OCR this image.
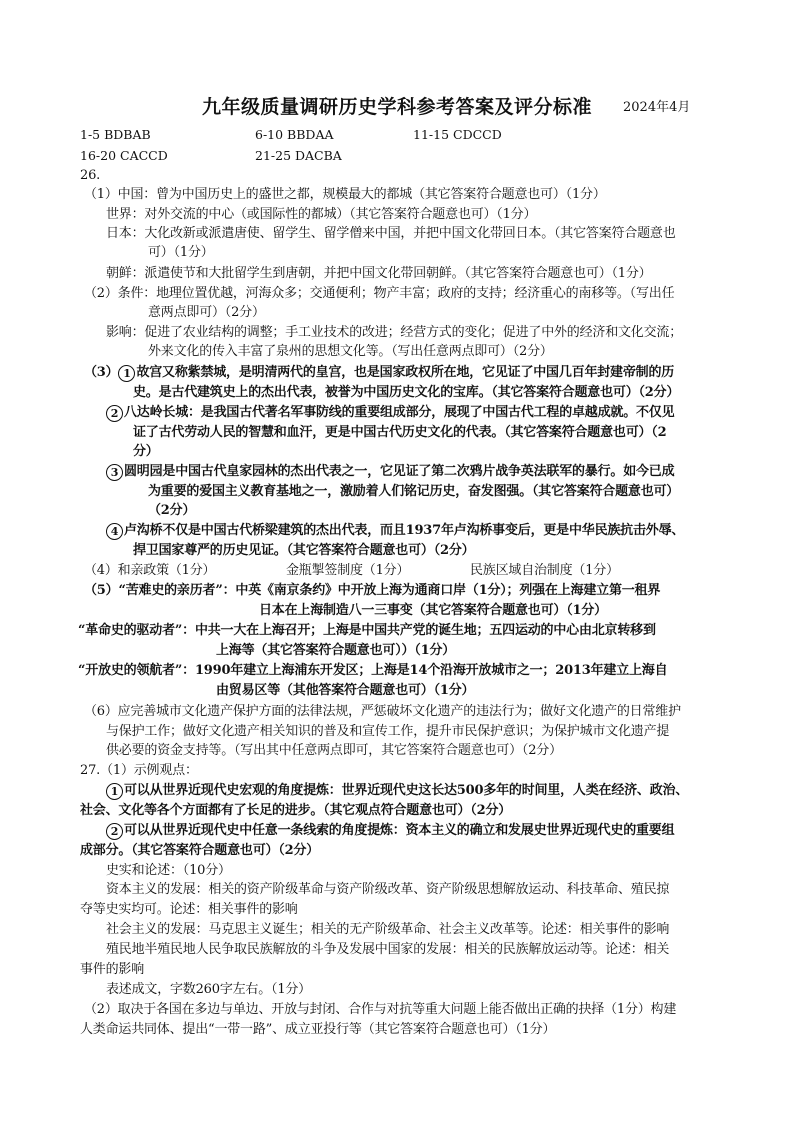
九年级质量调研历史学科参考答案及评分标准	2024年4月
1-5 BDBAB	6-10 BBDAA	11-15 CDCCD
16-20 CACCD	21-25 DACBA
26.
（1）中国：曾为中国历史上的盛世之都，规模最大的都城（其它答案符合题意也可）（1分）
世界：对外交流的中心（或国际性的都城）（其它答案符合题意也可）（1分）
日本：大化改新或派遣唐使、留学生、留学僧来中国，并把中国文化带回日本。（其它答案符合题意也
可）（1分）
朝鲜：派遣使节和大批留学生到唐朝，并把中国文化带回朝鲜。（其它答案符合题意也可）（1分）
（2）条件：地理位置优越，河海众多；交通便利；物产丰富；政府的支持；经济重心的南移等。（写出任
意两点即可）（2分）
影响：促进了农业结构的调整；手工业技术的改进；经营方式的变化；促进了中外的经济和文化交流；
外来文化的传入丰富了泉州的思想文化等。（写出任意两点即可）（2分）
（3） 1 故宫又称紫禁城，是明清两代的皇宫，也是国家政权所在地，它见证了中国几百年封建帝制的历
史。是古代建筑史上的杰出代表，被誉为中国历史文化的宝库。（其它答案符合题意也可）（2分）
2 八达岭长城：是我国古代著名军事防线的重要组成部分，展现了中国古代工程的卓越成就。不仅见
证了古代劳动人民的智慧和血汗，更是中国古代历史文化的代表。（其它答案符合题意也可）（2
分）
3 圆明园是中国古代皇家园林的杰出代表之一，它见证了第二次鸦片战争英法联军的暴行。如今已成
为重要的爱国主义教育基地之一，激励着人们铭记历史，奋发图强。（其它答案符合题意也可）
（2分）
4 卢沟桥不仅是中国古代桥梁建筑的杰出代表，而且1937年卢沟桥事变后，更是中华民族抗击外辱、
捍卫国家尊严的历史见证。（其它答案符合题意也可）（2分）
（4）和亲政策（1分）	金瓶掣签制度（1分）	民族区域自治制度（1分）
（5）“苦难史的亲历者”：中英《南京条约》中开放上海为通商口岸（1分）；列强在上海建立第一租界
日本在上海制造八一三事变（其它答案符合题意也可）（1分）
“革命史的驱动者”：中共一大在上海召开；上海是中国共产党的诞生地；五四运动的中心由北京转移到
上海等（其它答案符合题意也可））（1分）
“开放史的领航者”：1990年建立上海浦东开发区；上海是14个沿海开放城市之一；2013年建立上海自
由贸易区等（其他答案符合题意也可）（1分）
（6）应完善城市文化遗产保护方面的法律法规，严惩破坏文化遗产的违法行为；做好文化遗产的日常维护
与保护工作；做好文化遗产相关知识的普及和宣传工作，提升市民保护意识；为保护城市文化遗产提
供必要的资金支持等。（写出其中任意两点即可，其它答案符合题意也可）（2分）
27.（1）示例观点：
1 可以从世界近现代史宏观的角度提炼：世界近现代史这长达500多年的时间里，人类在经济、政治、
社会、文化等各个方面都有了长足的进步。（其它观点符合题意也可）（2分）
2 可以从世界近现代史中任意一条线索的角度提炼：资本主义的确立和发展史世界近现代史的重要组
成部分。（其它答案符合题意也可）（2分）
史实和论述：（10分）
资本主义的发展：相关的资产阶级革命与资产阶级改革、资产阶级思想解放运动、科技革命、殖民掠
夺等史实均可。论述：相关事件的影响
社会主义的发展：马克思主义诞生；相关的无产阶级革命、社会主义改革等。论述：相关事件的影响
殖民地半殖民地人民争取民族解放的斗争及发展中国家的发展：相关的民族解放运动等。论述：相关
事件的影响
表述成文，字数260字左右。（1分）
（2）取决于各国在多边与单边、开放与封闭、合作与对抗等重大问题上能否做出正确的抉择（1分）构建
人类命运共同体、提出“一带一路”、成立亚投行等（其它答案符合题意也可）（1分）
